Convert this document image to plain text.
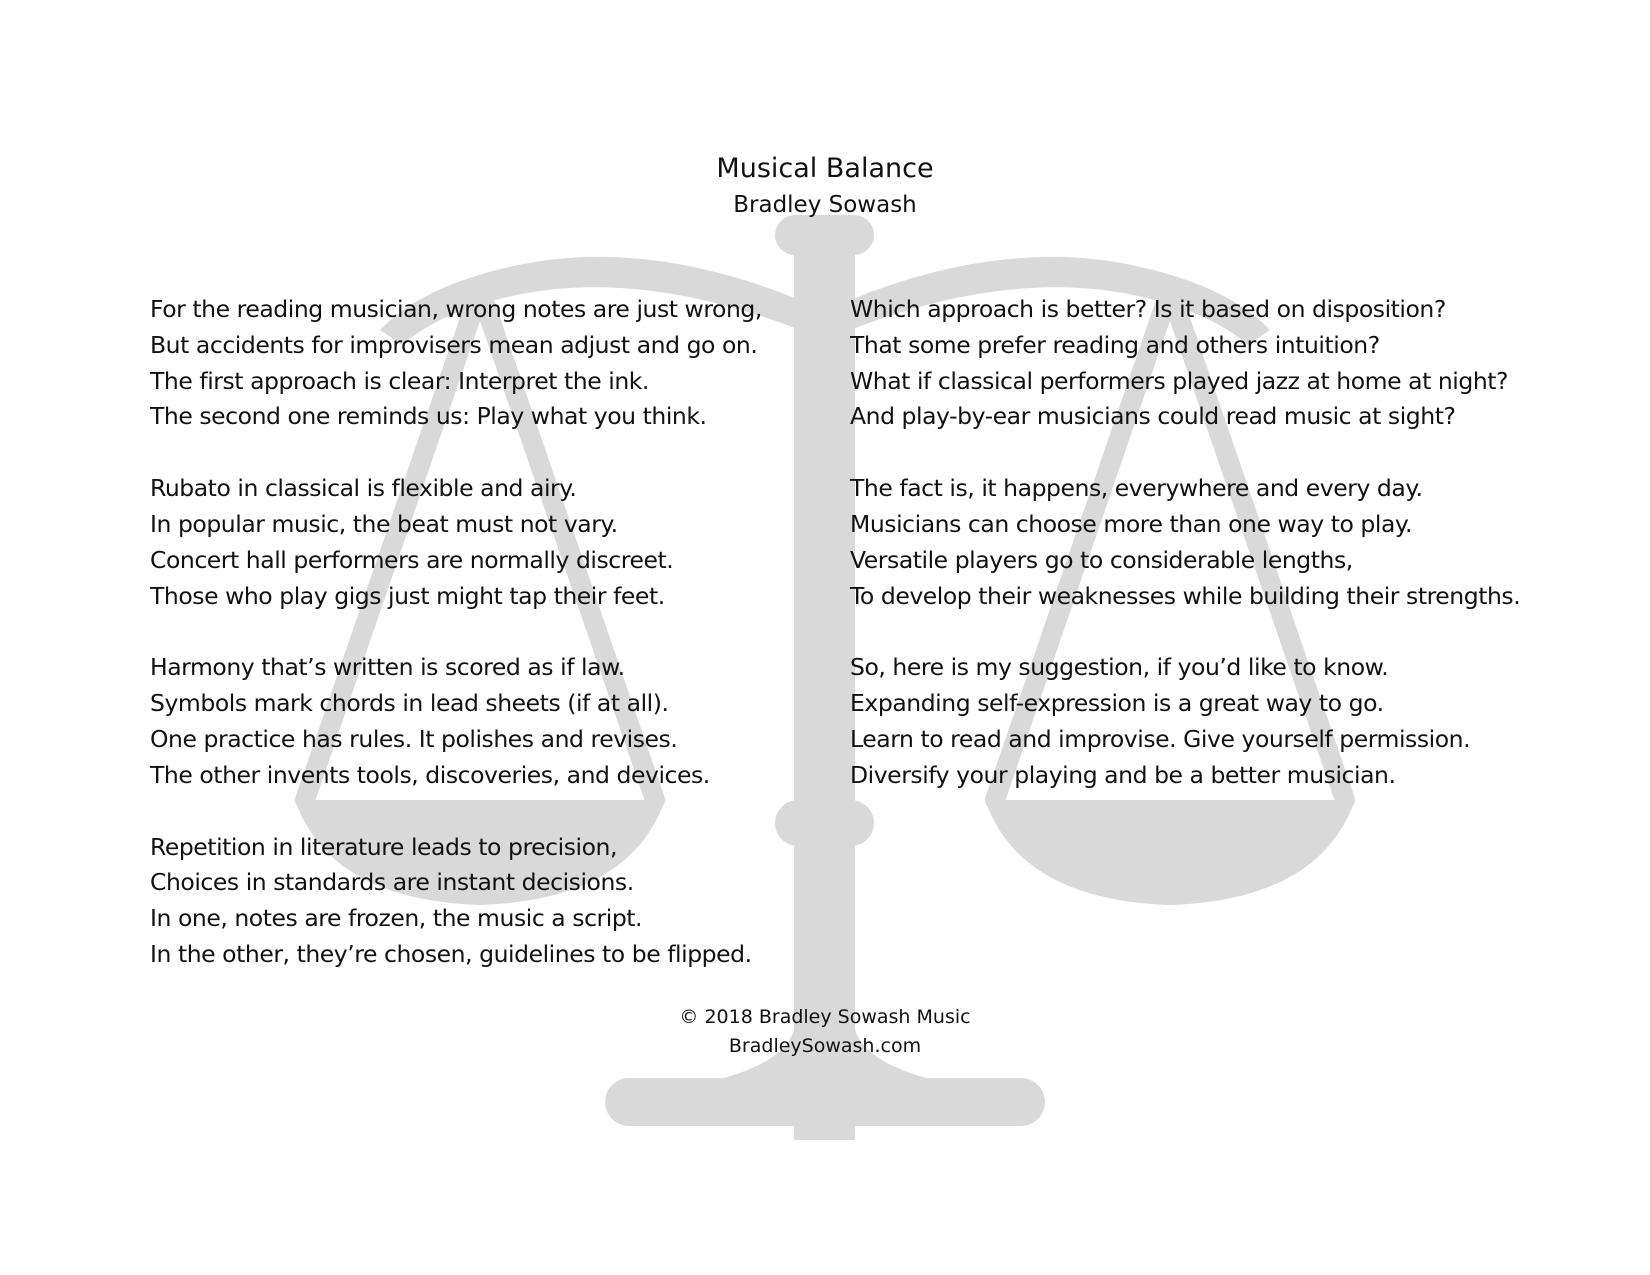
Musical Balance
Bradley Sowash
For the reading musician, wrong notes are just wrong,
But accidents for improvisers mean adjust and go on.
The first approach is clear: Interpret the ink.
The second one reminds us: Play what you think.
Rubato in classical is flexible and airy.
In popular music, the beat must not vary.
Concert hall performers are normally discreet.
Those who play gigs just might tap their feet.
Harmony that’s written is scored as if law.
Symbols mark chords in lead sheets (if at all).
One practice has rules. It polishes and revises.
The other invents tools, discoveries, and devices.
Repetition in literature leads to precision,
Choices in standards are instant decisions.
In one, notes are frozen, the music a script.
In the other, they’re chosen, guidelines to be flipped.
Which approach is better? Is it based on disposition?
That some prefer reading and others intuition?
What if classical performers played jazz at home at night?
And play-by-ear musicians could read music at sight?
The fact is, it happens, everywhere and every day.
Musicians can choose more than one way to play.
Versatile players go to considerable lengths,
To develop their weaknesses while building their strengths.
So, here is my suggestion, if you’d like to know.
Expanding self-expression is a great way to go.
Learn to read and improvise. Give yourself permission.
Diversify your playing and be a better musician.
© 2018 Bradley Sowash Music
BradleySowash.com
